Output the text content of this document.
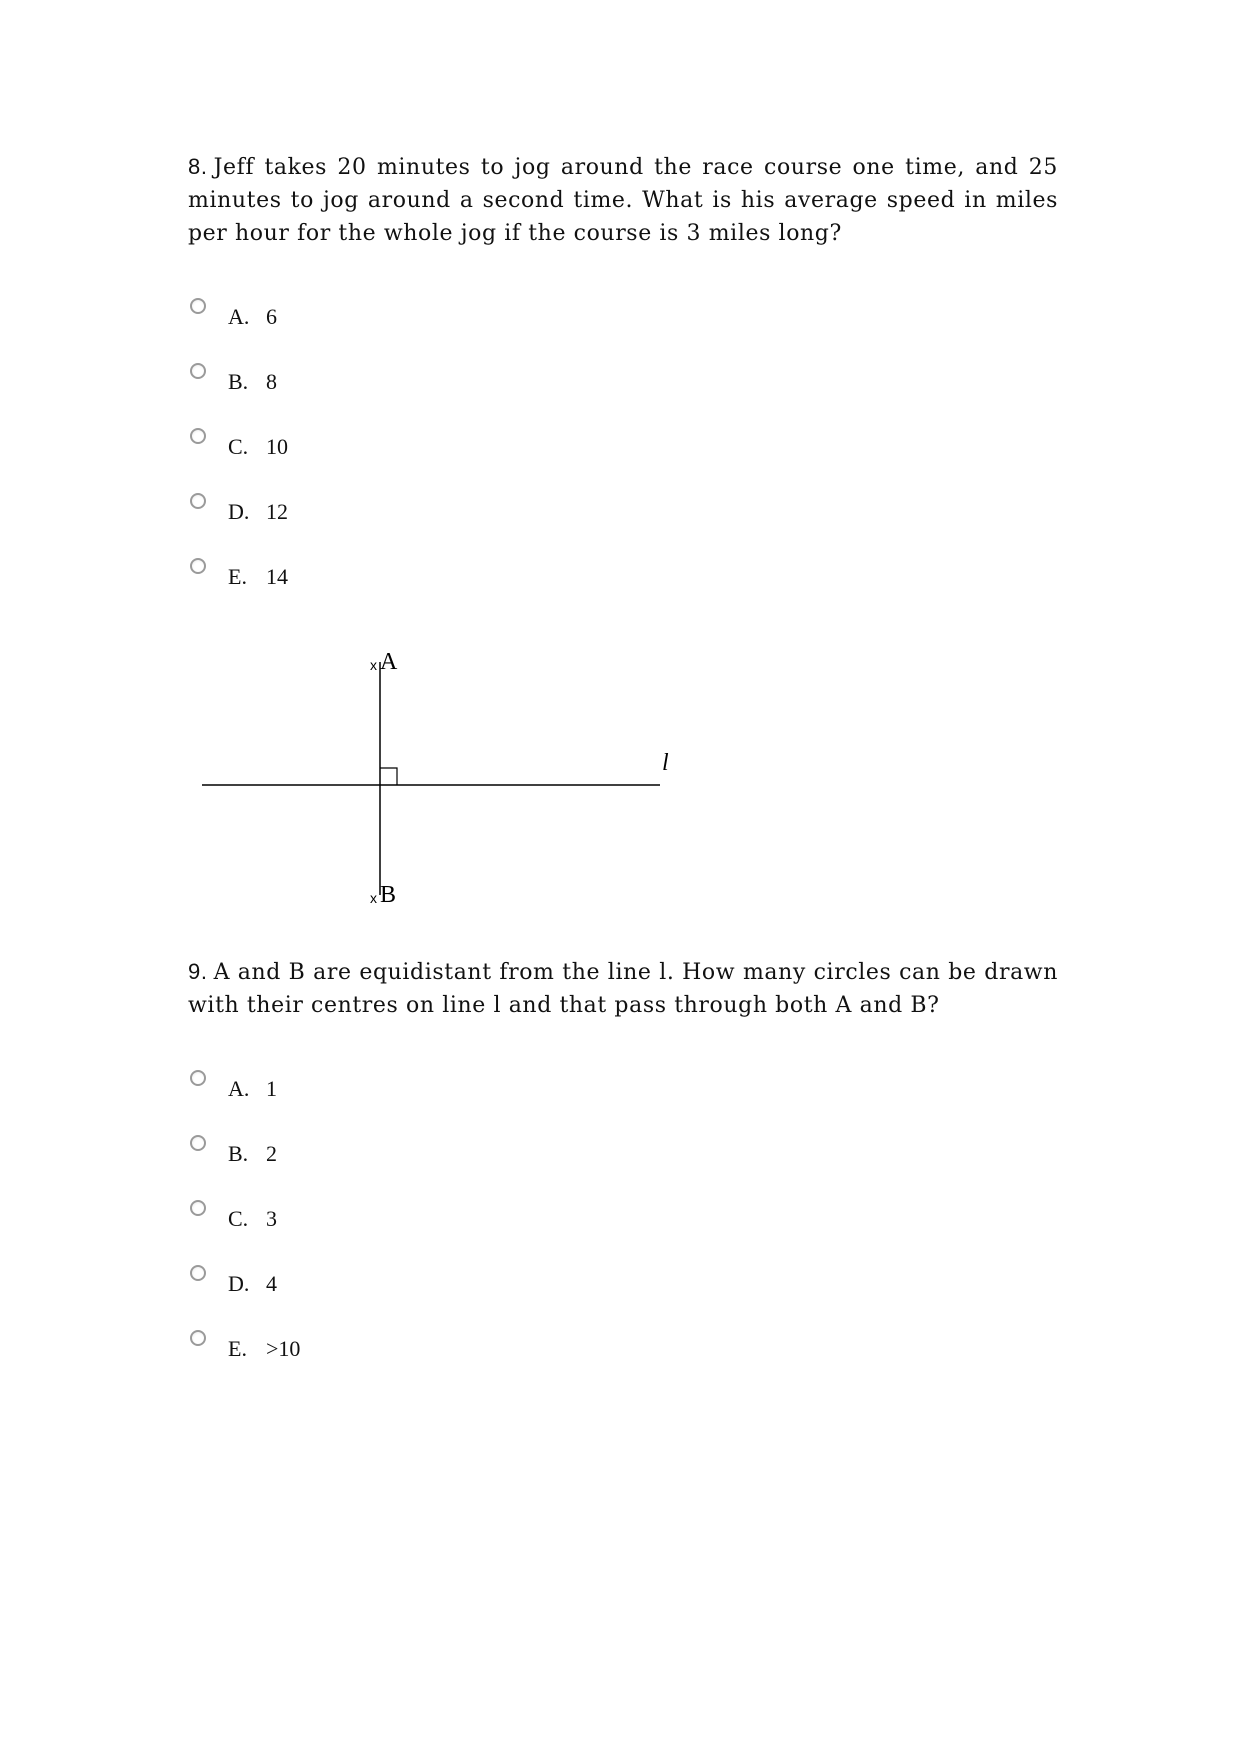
8. Jeff takes 20 minutes to jog around the race course one time, and 25 minutes to jog around a second time. What is his average speed in miles per hour for the whole jog if the course is 3 miles long?
A. 6
B. 8
C. 10
D. 12
E. 14
x A
x B
l
9. A and B are equidistant from the line l. How many circles can be drawn with their centres on line l and that pass through both A and B?
A. 1
B. 2
C. 3
D. 4
E. >10
